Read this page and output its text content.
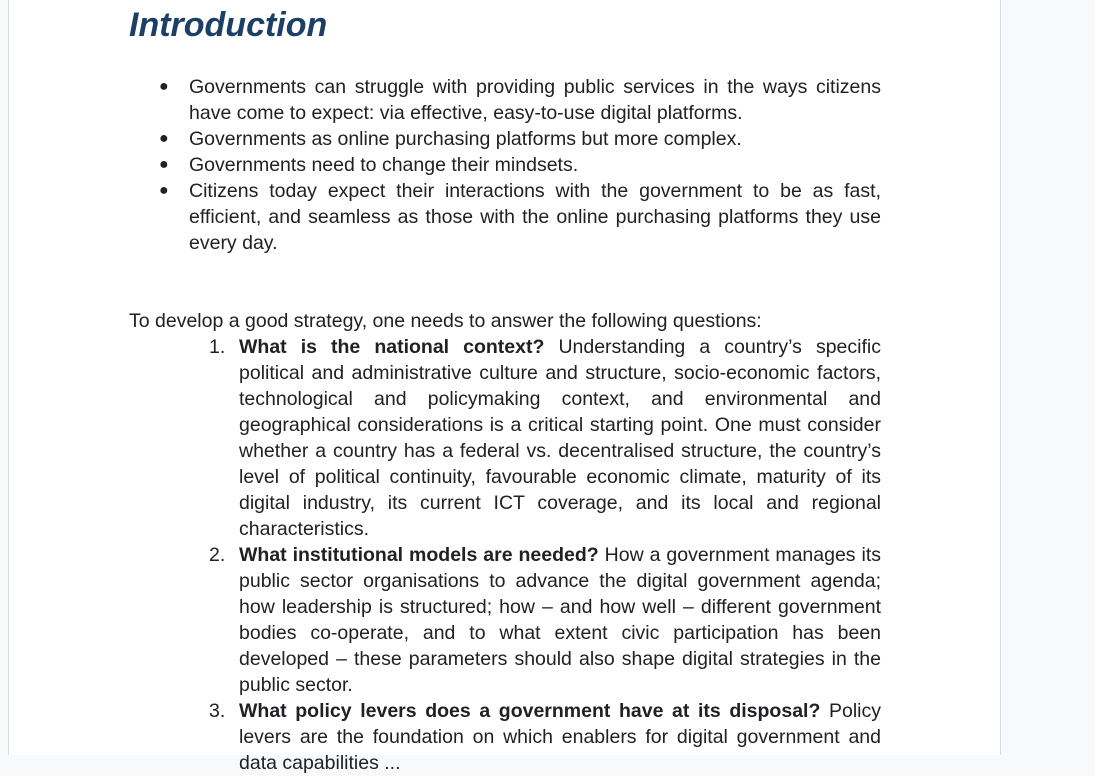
Introduction
● Governments can struggle with providing public services in the ways citizens have come to expect: via effective, easy-to-use digital platforms.
● Governments as online purchasing platforms but more complex.
● Governments need to change their mindsets.
● Citizens today expect their interactions with the government to be as fast, efficient, and seamless as those with the online purchasing platforms they use every day.
To develop a good strategy, one needs to answer the following questions:
1. What is the national context? Understanding a country’s specific political and administrative culture and structure, socio-economic factors, technological and policymaking context, and environmental and geographical considerations is a critical starting point. One must consider whether a country has a federal vs. decentralised structure, the country’s level of political continuity, favourable economic climate, maturity of its digital industry, its current ICT coverage, and its local and regional characteristics.
2. What institutional models are needed? How a government manages its public sector organisations to advance the digital government agenda; how leadership is structured; how – and how well – different government bodies co-operate, and to what extent civic participation has been developed – these parameters should also shape digital strategies in the public sector.
3. What policy levers does a government have at its disposal? Policy levers are the foundation on which enablers for digital government and data capabilities ...
